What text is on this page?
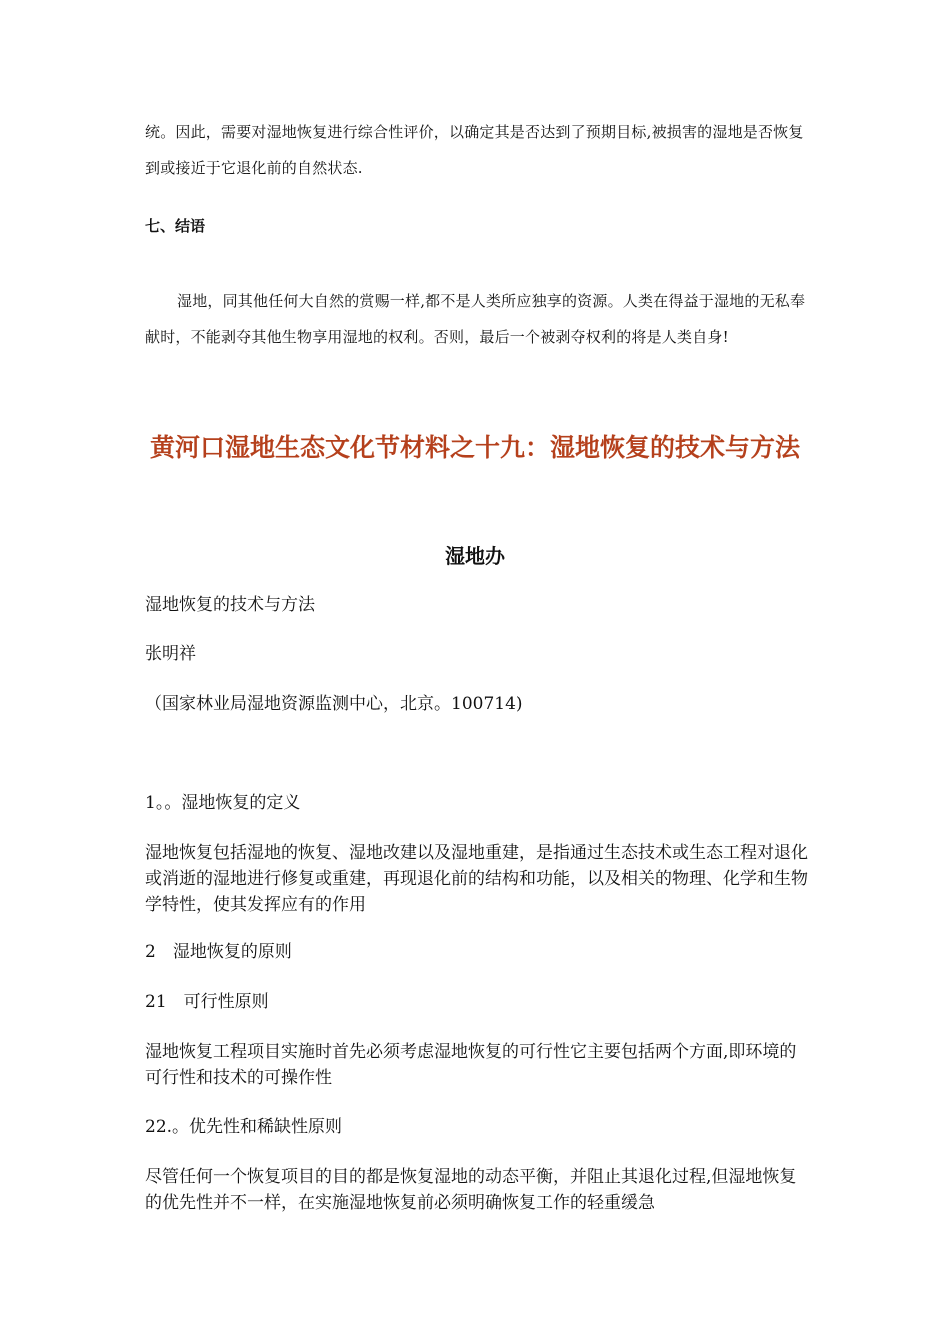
统。因此，需要对湿地恢复进行综合性评价，以确定其是否达到了预期目标,被损害的湿地是否恢复到或接近于它退化前的自然状态.

七、结语

湿地，同其他任何大自然的赏赐一样,都不是人类所应独享的资源。人类在得益于湿地的无私奉献时，不能剥夺其他生物享用湿地的权利。否则，最后一个被剥夺权利的将是人类自身!

黄河口湿地生态文化节材料之十九：湿地恢复的技术与方法
湿地办

湿地恢复的技术与方法

张明祥

（国家林业局湿地资源监测中心，北京。100714)

1。。湿地恢复的定义

湿地恢复包括湿地的恢复、湿地改建以及湿地重建，是指通过生态技术或生态工程对退化或消逝的湿地进行修复或重建，再现退化前的结构和功能，以及相关的物理、化学和生物学特性，使其发挥应有的作用

2　湿地恢复的原则

21　可行性原则

湿地恢复工程项目实施时首先必须考虑湿地恢复的可行性它主要包括两个方面,即环境的可行性和技术的可操作性

22.。优先性和稀缺性原则

尽管任何一个恢复项目的目的都是恢复湿地的动态平衡，并阻止其退化过程,但湿地恢复的优先性并不一样，在实施湿地恢复前必须明确恢复工作的轻重缓急
